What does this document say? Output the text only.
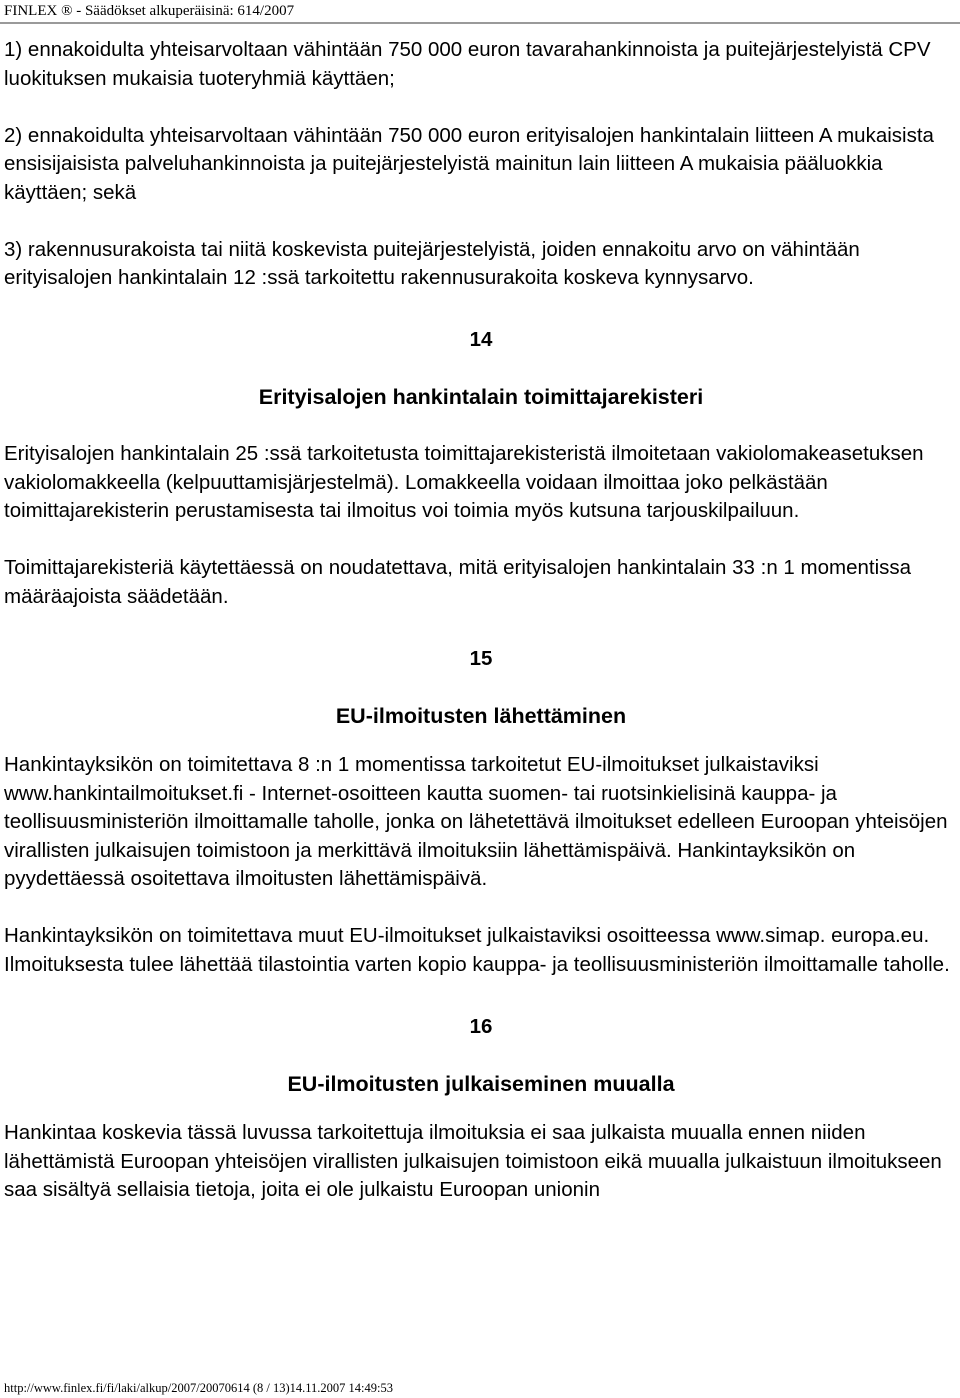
FINLEX ® - Säädökset alkuperäisinä: 614/2007

1) ennakoidulta yhteisarvoltaan vähintään 750 000 euron tavarahankinnoista ja puitejärjestelyistä CPV luokituksen mukaisia tuoteryhmiä käyttäen;

2) ennakoidulta yhteisarvoltaan vähintään 750 000 euron erityisalojen hankintalain liitteen A mukaisista ensisijaisista palveluhankinnoista ja puitejärjestelyistä mainitun lain liitteen A mukaisia pääluokkia käyttäen; sekä

3) rakennusurakoista tai niitä koskevista puitejärjestelyistä, joiden ennakoitu arvo on vähintään erityisalojen hankintalain 12 :ssä tarkoitettu rakennusurakoita koskeva kynnysarvo.

14

Erityisalojen hankintalain toimittajarekisteri

Erityisalojen hankintalain 25 :ssä tarkoitetusta toimittajarekisteristä ilmoitetaan vakiolomakeasetuksen vakiolomakkeella (kelpuuttamisjärjestelmä). Lomakkeella voidaan ilmoittaa joko pelkästään toimittajarekisterin perustamisesta tai ilmoitus voi toimia myös kutsuna tarjouskilpailuun.

Toimittajarekisteriä käytettäessä on noudatettava, mitä erityisalojen hankintalain 33 :n 1 momentissa määräajoista säädetään.

15

EU-ilmoitusten lähettäminen

Hankintayksikön on toimitettava 8 :n 1 momentissa tarkoitetut EU-ilmoitukset julkaistaviksi www.hankintailmoitukset.fi - Internet-osoitteen kautta suomen- tai ruotsinkielisinä kauppa- ja teollisuusministeriön ilmoittamalle taholle, jonka on lähetettävä ilmoitukset edelleen Euroopan yhteisöjen virallisten julkaisujen toimistoon ja merkittävä ilmoituksiin lähettämispäivä. Hankintayksikön on pyydettäessä osoitettava ilmoitusten lähettämispäivä.

Hankintayksikön on toimitettava muut EU-ilmoitukset julkaistaviksi osoitteessa www.simap. europa.eu. Ilmoituksesta tulee lähettää tilastointia varten kopio kauppa- ja teollisuusministeriön ilmoittamalle taholle.

16

EU-ilmoitusten julkaiseminen muualla

Hankintaa koskevia tässä luvussa tarkoitettuja ilmoituksia ei saa julkaista muualla ennen niiden lähettämistä Euroopan yhteisöjen virallisten julkaisujen toimistoon eikä muualla julkaistuun ilmoitukseen saa sisältyä sellaisia tietoja, joita ei ole julkaistu Euroopan unionin

http://www.finlex.fi/fi/laki/alkup/2007/20070614 (8 / 13)14.11.2007 14:49:53
